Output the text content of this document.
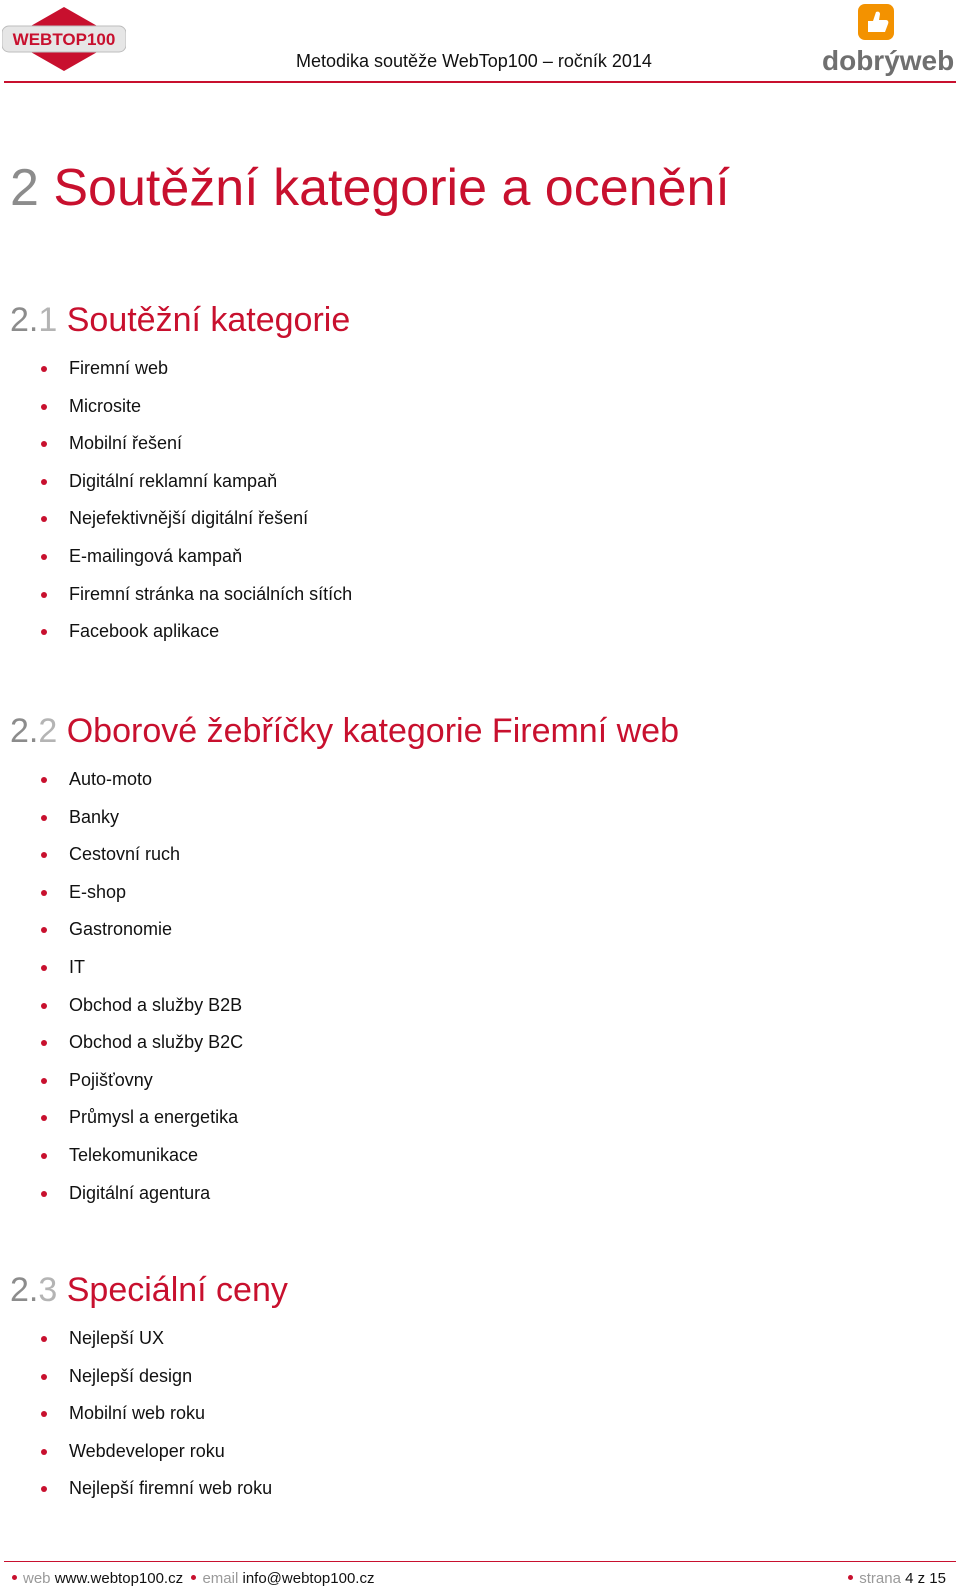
WEBTOP100
Metodika soutěže WebTop100 – ročník 2014	dobrýweb
2 Soutěžní kategorie a ocenění
2.1 Soutěžní kategorie
Firemní web
Microsite
Mobilní řešení
Digitální reklamní kampaň
Nejefektivnější digitální řešení
E-mailingová kampaň
Firemní stránka na sociálních sítích
Facebook aplikace
2.2 Oborové žebříčky kategorie Firemní web
Auto-moto
Banky
Cestovní ruch
E-shop
Gastronomie
IT
Obchod a služby B2B
Obchod a služby B2C
Pojišťovny
Průmysl a energetika
Telekomunikace
Digitální agentura
2.3 Speciální ceny
Nejlepší UX
Nejlepší design
Mobilní web roku
Webdeveloper roku
Nejlepší firemní web roku
web www.webtop100.cz email info@webtop100.cz	strana 4 z 15
